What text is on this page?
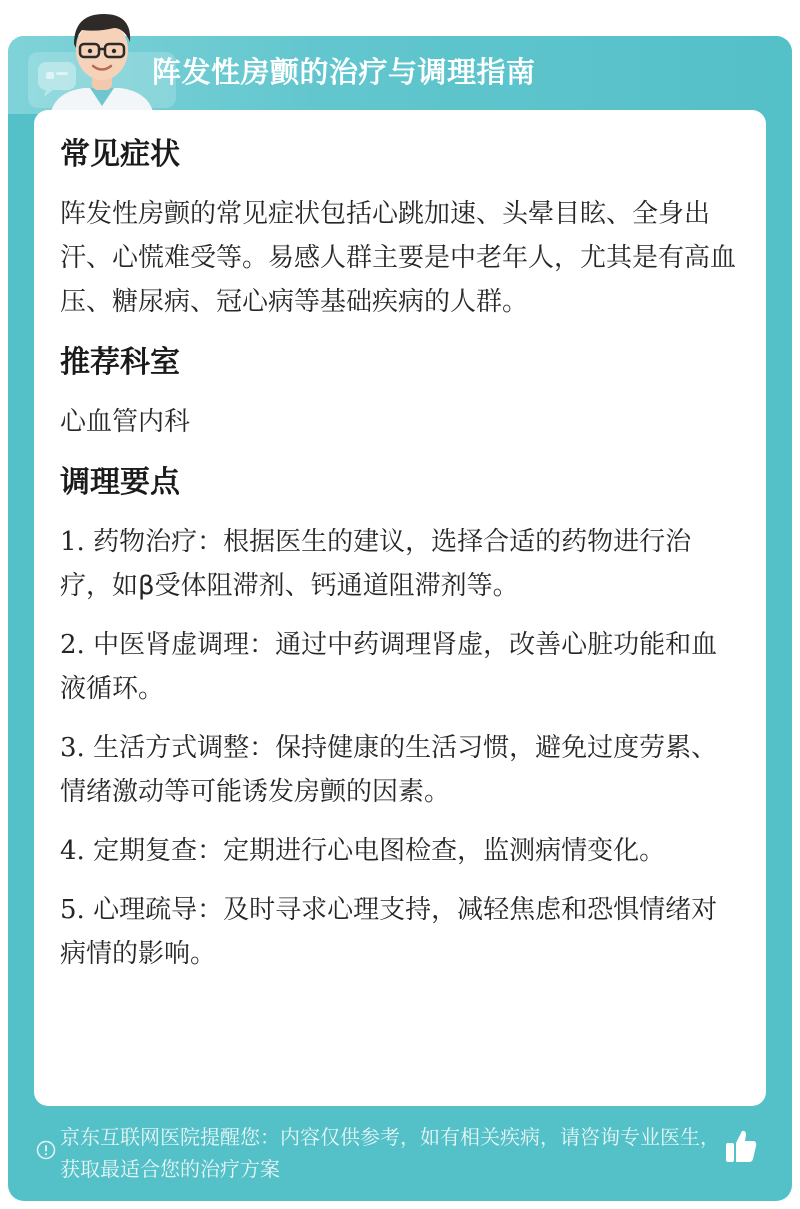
阵发性房颤的治疗与调理指南
常见症状

阵发性房颤的常见症状包括心跳加速、头晕目眩、全身出汗、心慌难受等。易感人群主要是中老年人，尤其是有高血压、糖尿病、冠心病等基础疾病的人群。

推荐科室

心血管内科

调理要点
1. 药物治疗：根据医生的建议，选择合适的药物进行治疗，如β受体阻滞剂、钙通道阻滞剂等。
2. 中医肾虚调理：通过中药调理肾虚，改善心脏功能和血液循环。
3. 生活方式调整：保持健康的生活习惯，避免过度劳累、情绪激动等可能诱发房颤的因素。
4. 定期复查：定期进行心电图检查，监测病情变化。
5. 心理疏导：及时寻求心理支持，减轻焦虑和恐惧情绪对病情的影响。
京东互联网医院提醒您：内容仅供参考，如有相关疾病，请咨询专业医生，获取最适合您的治疗方案
